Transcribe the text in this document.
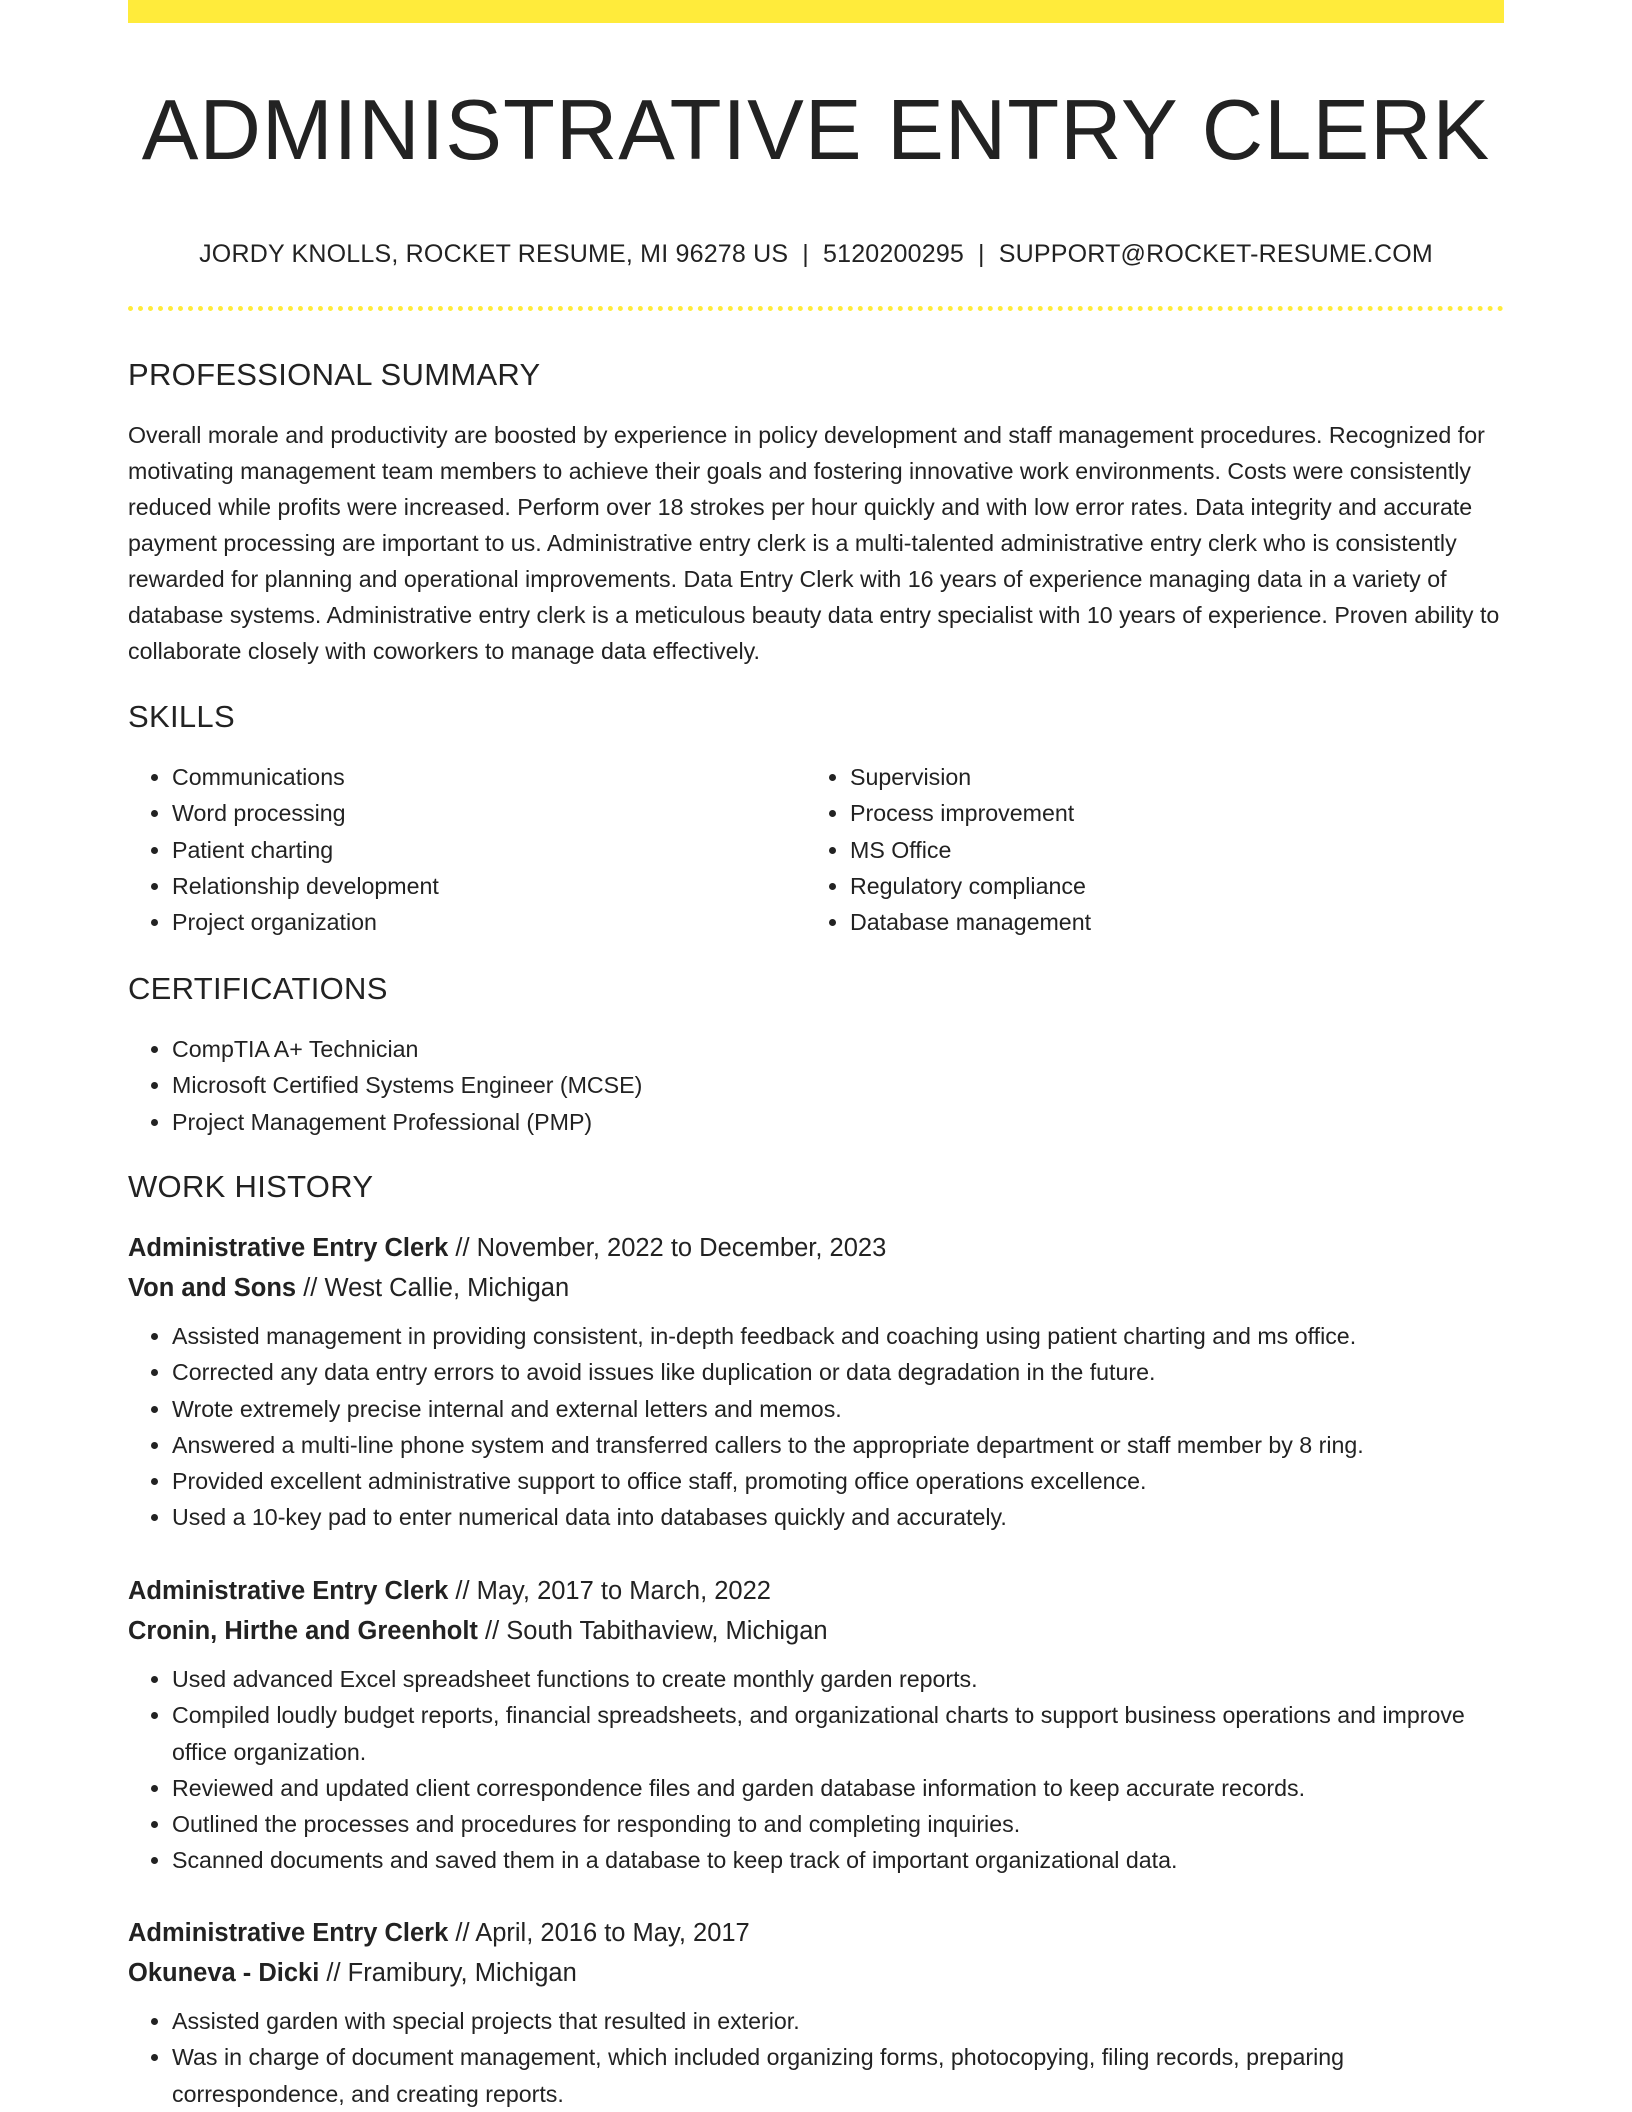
ADMINISTRATIVE ENTRY CLERK
JORDY KNOLLS, ROCKET RESUME, MI 96278 US | 5120200295 | SUPPORT@ROCKET-RESUME.COM
PROFESSIONAL SUMMARY

Overall morale and productivity are boosted by experience in policy development and staff management procedures. Recognized for motivating management team members to achieve their goals and fostering innovative work environments. Costs were consistently reduced while profits were increased. Perform over 18 strokes per hour quickly and with low error rates. Data integrity and accurate payment processing are important to us. Administrative entry clerk is a multi-talented administrative entry clerk who is consistently rewarded for planning and operational improvements. Data Entry Clerk with 16 years of experience managing data in a variety of database systems. Administrative entry clerk is a meticulous beauty data entry specialist with 10 years of experience. Proven ability to collaborate closely with coworkers to manage data effectively.

SKILLS
• Communications
• Word processing
• Patient charting
• Relationship development
• Project organization
• Supervision
• Process improvement
• MS Office
• Regulatory compliance
• Database management
CERTIFICATIONS
• CompTIA A+ Technician
• Microsoft Certified Systems Engineer (MCSE)
• Project Management Professional (PMP)
WORK HISTORY
Administrative Entry Clerk // November, 2022 to December, 2023
Von and Sons // West Callie, Michigan
• Assisted management in providing consistent, in-depth feedback and coaching using patient charting and ms office.
• Corrected any data entry errors to avoid issues like duplication or data degradation in the future.
• Wrote extremely precise internal and external letters and memos.
• Answered a multi-line phone system and transferred callers to the appropriate department or staff member by 8 ring.
• Provided excellent administrative support to office staff, promoting office operations excellence.
• Used a 10-key pad to enter numerical data into databases quickly and accurately.
Administrative Entry Clerk // May, 2017 to March, 2022
Cronin, Hirthe and Greenholt // South Tabithaview, Michigan
• Used advanced Excel spreadsheet functions to create monthly garden reports.
• Compiled loudly budget reports, financial spreadsheets, and organizational charts to support business operations and improve office organization.
• Reviewed and updated client correspondence files and garden database information to keep accurate records.
• Outlined the processes and procedures for responding to and completing inquiries.
• Scanned documents and saved them in a database to keep track of important organizational data.
Administrative Entry Clerk // April, 2016 to May, 2017
Okuneva - Dicki // Framibury, Michigan
• Assisted garden with special projects that resulted in exterior.
• Was in charge of document management, which included organizing forms, photocopying, filing records, preparing correspondence, and creating reports.
